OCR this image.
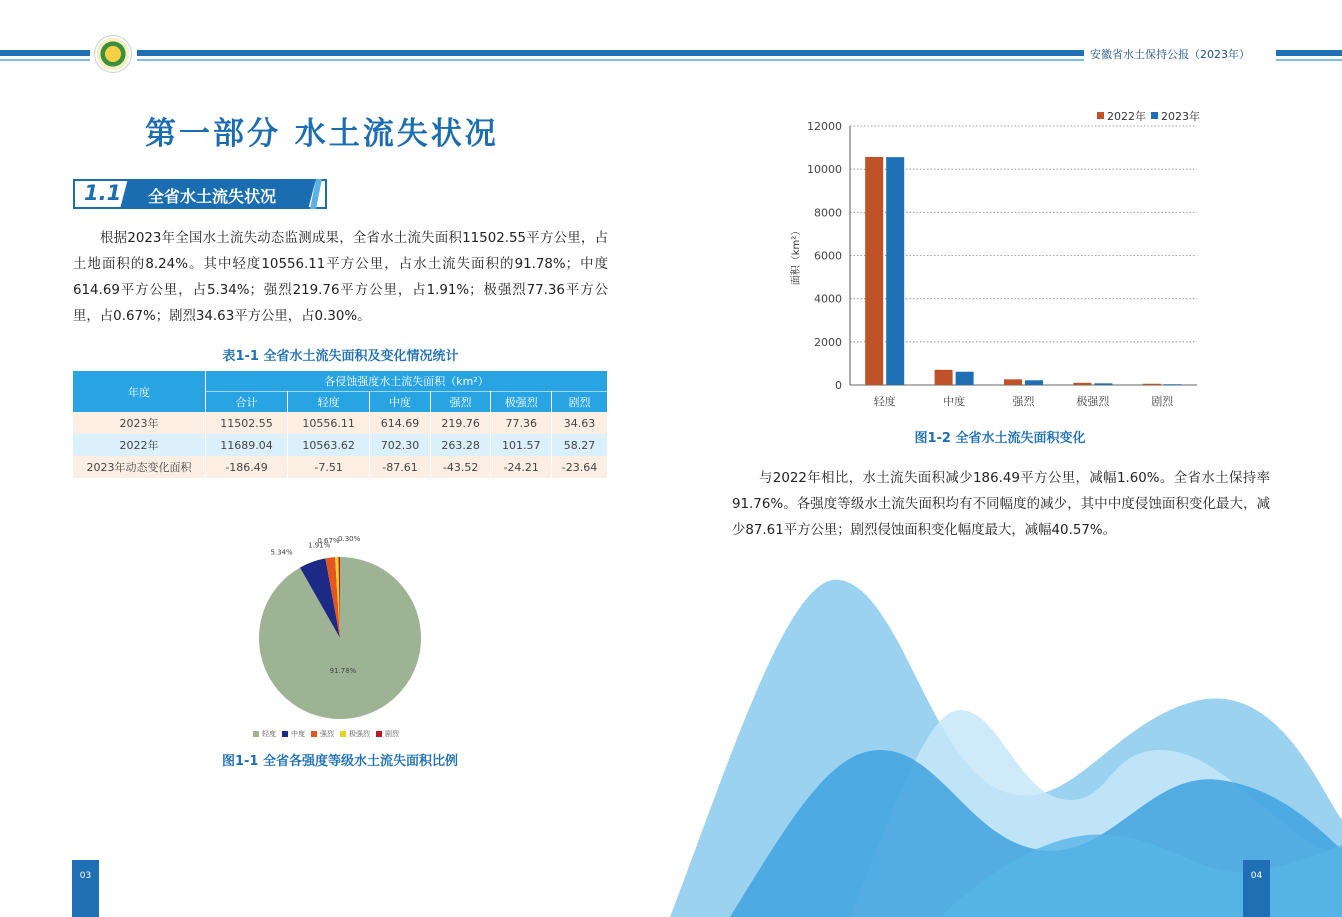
安徽省水土保持公报（2023年）
第一部分 水土流失状况
1.1 全省水土流失状况
根据2023年全国水土流失动态监测成果，全省水土流失面积11502.55平方公里，占土地面积的8.24%。其中轻度10556.11平方公里，占水土流失面积的91.78%；中度614.69平方公里，占5.34%；强烈219.76平方公里，占1.91%；极强烈77.36平方公里，占0.67%；剧烈34.63平方公里，占0.30%。
表1-1 全省水土流失面积及变化情况统计
年度	各侵蚀强度水土流失面积（km²）					
	合计	轻度	中度	强烈	极强烈	剧烈
2023年	11502.55	10556.11	614.69	219.76	77.36	34.63
2022年	11689.04	10563.62	702.30	263.28	101.57	58.27
2023年动态变化面积	-186.49	-7.51	-87.61	-43.52	-24.21	-23.64
91.78%
5.34%
1.91%
0.67%
0.30%
轻度 中度 强烈 极强烈 剧烈
图1-1 全省各强度等级水土流失面积比例
03
0
2000
4000
6000
8000
10000
12000
面积（km²）
轻度	中度	强烈	极强烈	剧烈
2022年 2023年
图1-2 全省水土流失面积变化
与2022年相比，水土流失面积减少186.49平方公里，减幅1.60%。全省水土保持率91.76%。各强度等级水土流失面积均有不同幅度的减少，其中中度侵蚀面积变化最大，减少87.61平方公里；剧烈侵蚀面积变化幅度最大，减幅40.57%。
04
